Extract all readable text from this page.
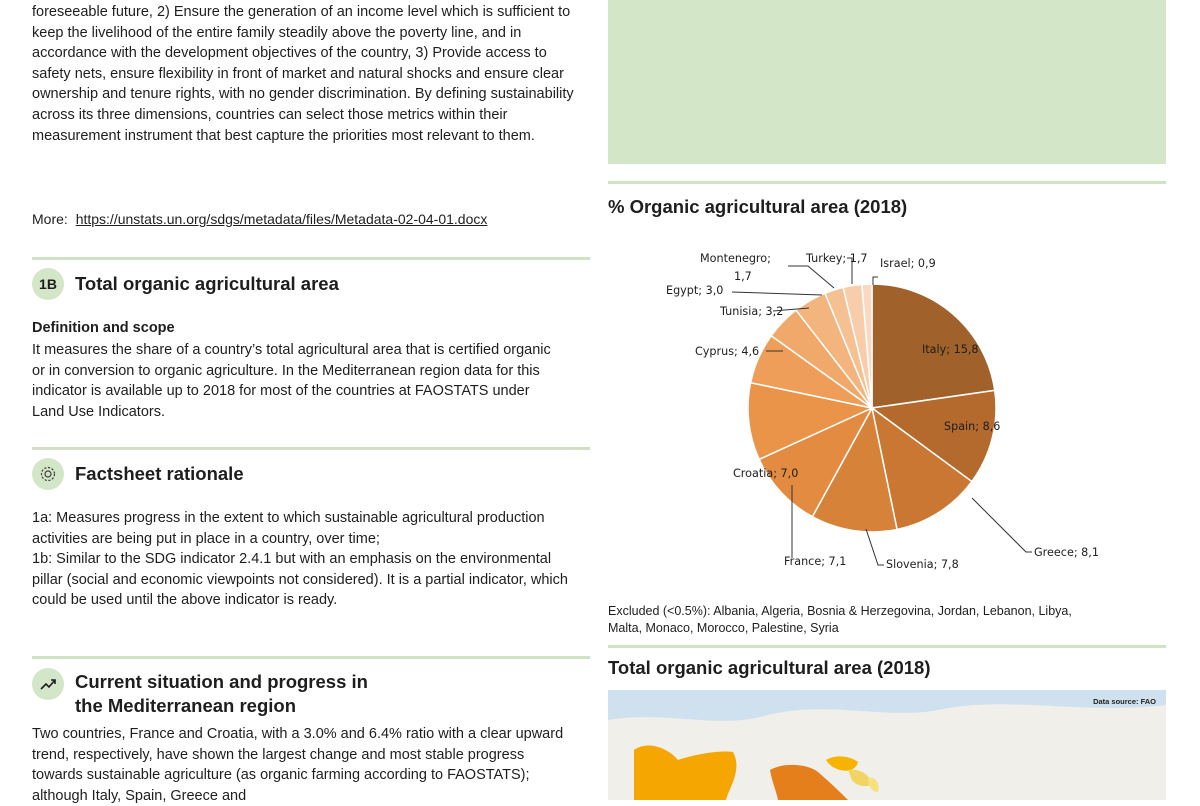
foreseeable future, 2) Ensure the generation of an income level which is sufficient to keep the livelihood of the entire family steadily above the poverty line, and in accordance with the development objectives of the country, 3) Provide access to safety nets, ensure flexibility in front of market and natural shocks and ensure clear ownership and tenure rights, with no gender discrimination. By defining sustainability across its three dimensions, countries can select those metrics within their measurement instrument that best capture the priorities most relevant to them.

More: https://unstats.un.org/sdgs/metadata/files/Metadata-02-04-01.docx
1B Total organic agricultural area
Definition and scope

It measures the share of a country’s total agricultural area that is certified organic or in conversion to organic agriculture. In the Mediterranean region data for this indicator is available up to 2018 for most of the countries at FAOSTATS under Land Use Indicators.

Factsheet rationale

1a: Measures progress in the extent to which sustainable agricultural production activities are being put in place in a country, over time;

1b: Similar to the SDG indicator 2.4.1 but with an emphasis on the environmental pillar (social and economic viewpoints not considered). It is a partial indicator, which could be used until the above indicator is ready.

Current situation and progress in
the Mediterranean region

Two countries, France and Croatia, with a 3.0% and 6.4% ratio with a clear upward trend, respectively, have shown the largest change and most stable progress towards sustainable agriculture (as organic farming according to FAOSTATS); although Italy, Spain, Greece and

% Organic agricultural area (2018)
Montenegro;
1,7
Turkey; 1,7 Israel; 0,9
Egypt; 3,0
Tunisia; 3,2
Cyprus; 4,6	Italy; 15,8
Spain; 8,6
Croatia; 7,0
France; 7,1	Slovenia; 7,8
Greece; 8,1
Excluded (<0.5%): Albania, Algeria, Bosnia & Herzegovina, Jordan, Lebanon, Libya,
Malta, Monaco, Morocco, Palestine, Syria
Total organic agricultural area (2018)
Data source: FAO
